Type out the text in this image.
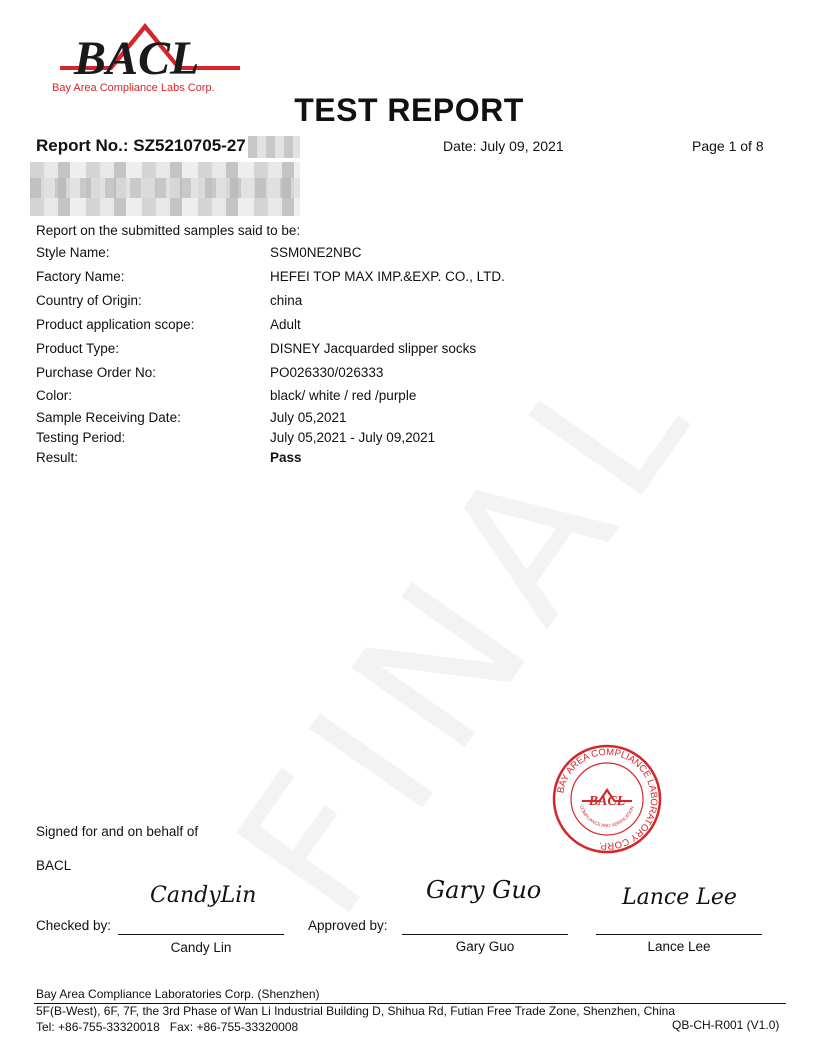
BACL
Bay Area Compliance Labs Corp.
TEST REPORT
Report No.: SZ5210705-27	Date: July 09, 2021	Page 1 of 8
Report on the submitted samples said to be:
Style Name:	SSM0NE2NBC
Factory Name:	HEFEI TOP MAX IMP.&EXP. CO., LTD.
Country of Origin:	china
Product application scope:	Adult
Product Type:	DISNEY Jacquarded slipper socks
Purchase Order No:	PO026330/026333
Color:	black/ white / red /purple
Sample Receiving Date:	July 05,2021
Testing Period:	July 05,2021 - July 09,2021
Result:	Pass
BAY AREA COMPLIANCE LABORATORY CORP.
COMPLIANCE AND VERIFICATION
BACL
Signed for and on behalf of
BACL
CandyLin	Gary Guo	Lance Lee
Checked by:	Approved by:
Candy Lin	Gary Guo	Lance Lee
Bay Area Compliance Laboratories Corp. (Shenzhen)
5F(B-West), 6F, 7F, the 3rd Phase of Wan Li Industrial Building D, Shihua Rd, Futian Free Trade Zone, Shenzhen, China
Tel: +86-755-33320018   Fax: +86-755-33320008	QB-CH-R001 (V1.0)
